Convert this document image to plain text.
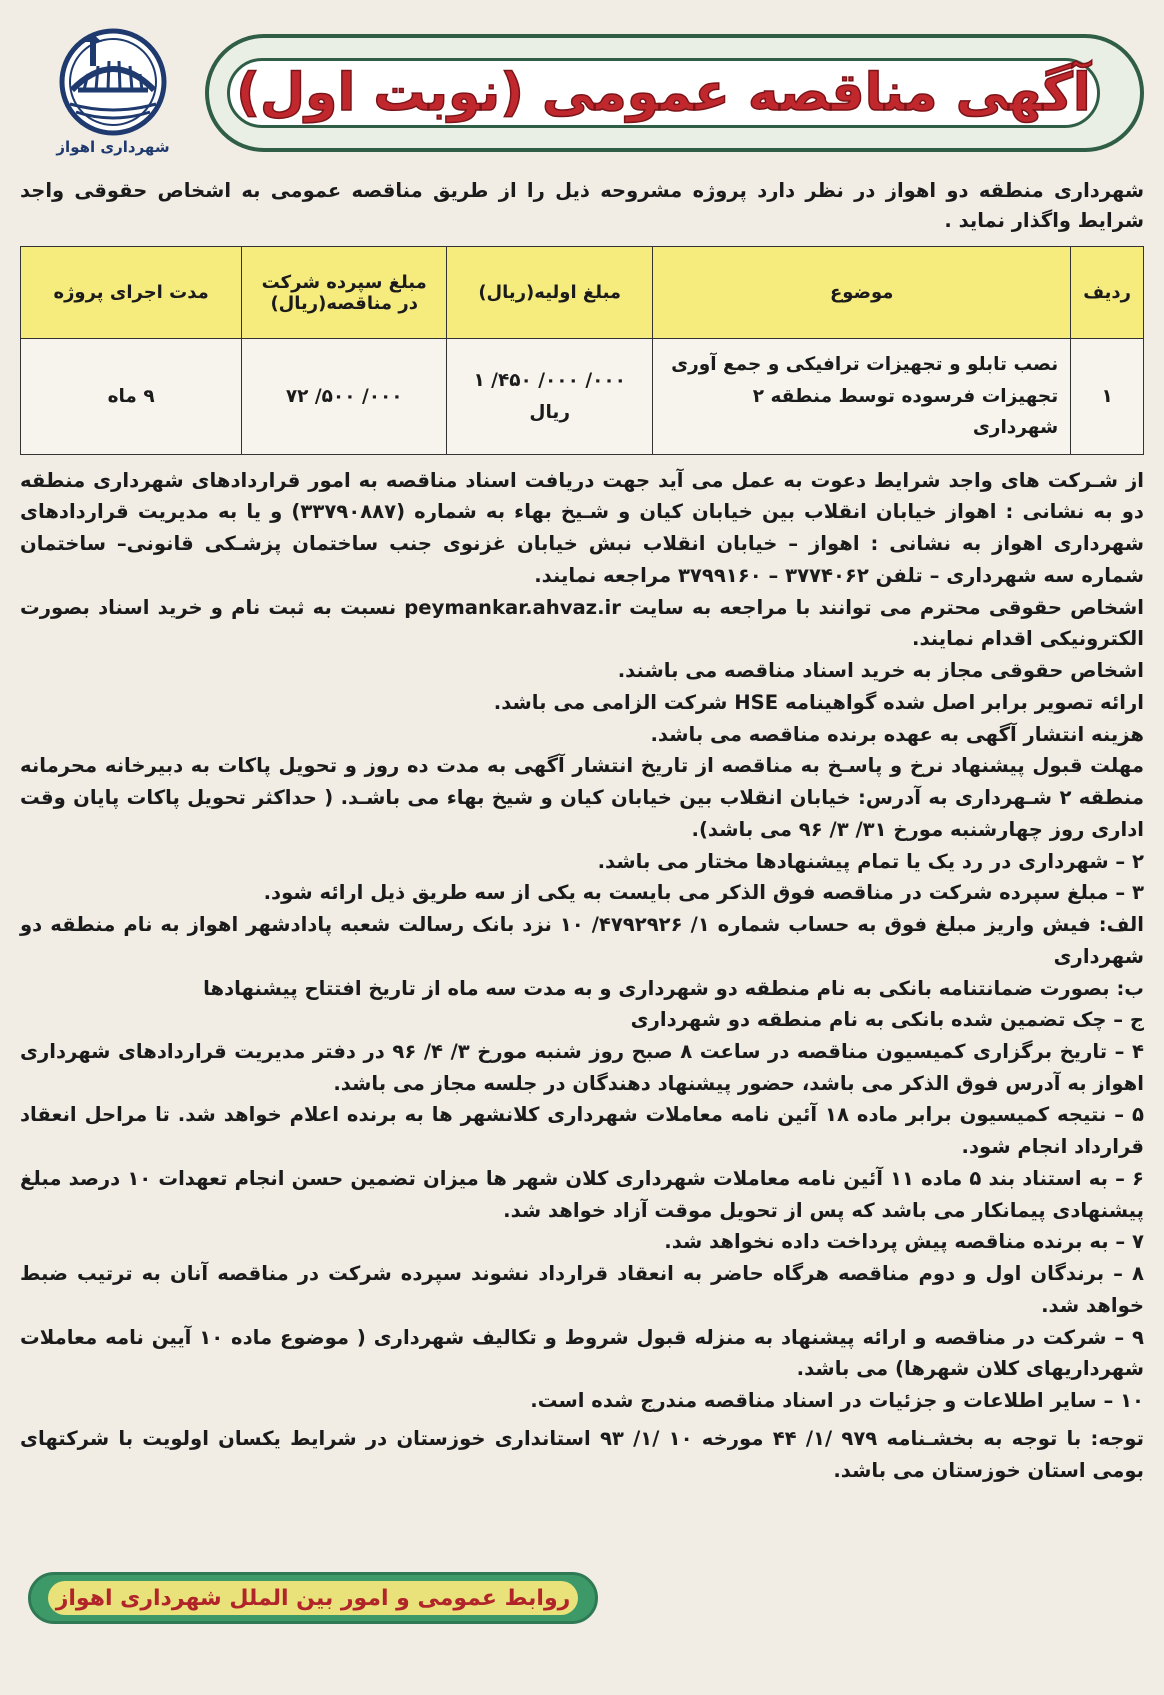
شهرداری اهواز
آگهی مناقصه عمومی (نوبت اول)

شهرداری منطقه دو اهواز در نظر دارد پروژه مشروحه ذیل را از طریق مناقصه عمومی به اشخاص حقوقی واجد شرایط واگذار نماید .

ردیف	موضوع	مبلغ اولیه(ریال)	مبلغ سپرده شرکت در مناقصه(ریال)	مدت اجرای پروژه
۱	نصب تابلو و تجهیزات ترافیکی و جمع آوری تجهیزات فرسوده توسط منطقه ۲ شهرداری	۰۰۰/ ۰۰۰/ ۴۵۰/ ۱ ریال	۰۰۰/ ۵۰۰/ ۷۲	۹ ماه

از شـرکت های واجد شرایط دعوت به عمل می آید جهت دریافت اسناد مناقصه به امور قراردادهای شهرداری منطقه دو به نشانی : اهواز خیابان انقلاب بین خیابان کیان و شـیخ بهاء به شماره (۳۳۷۹۰۸۸۷) و یا به مدیریت قراردادهای شهرداری اهواز به نشانی : اهواز – خیابان انقلاب نبش خیابان غزنوی جنب ساختمان پزشـکی قانونی– ساختمان شماره سه شهرداری – تلفن ۳۷۷۴۰۶۲ – ۳۷۹۹۱۶۰ مراجعه نمایند.

اشخاص حقوقی محترم می توانند با مراجعه به سایت peymankar.ahvaz.ir نسبت به ثبت نام و خرید اسناد بصورت الکترونیکی اقدام نمایند.

اشخاص حقوقی مجاز به خرید اسناد مناقصه می باشند.

ارائه تصویر برابر اصل شده گواهینامه HSE شرکت الزامی می باشد.

هزینه انتشار آگهی به عهده برنده مناقصه می باشد.

مهلت قبول پیشنهاد نرخ و پاسـخ به مناقصه از تاریخ انتشار آگهی به مدت ده روز و تحویل پاکات به دبیرخانه محرمانه منطقه ۲ شـهرداری به آدرس: خیابان انقلاب بین خیابان کیان و شیخ بهاء می باشـد. ( حداکثر تحویل پاکات پایان وقت اداری روز چهارشنبه مورخ ۳۱/ ۳/ ۹۶ می باشد).

۲ – شهرداری در رد یک یا تمام پیشنهادها مختار می باشد.

۳ – مبلغ سپرده شرکت در مناقصه فوق الذکر می بایست به یکی از سه طریق ذیل ارائه شود.

الف: فیش واریز مبلغ فوق به حساب شماره ۱/ ۴۷۹۲۹۲۶/ ۱۰ نزد بانک رسالت شعبه پادادشهر اهواز به نام منطقه دو شهرداری

ب: بصورت ضمانتنامه بانکی به نام منطقه دو شهرداری و به مدت سه ماه از تاریخ افتتاح پیشنهادها

ج – چک تضمین شده بانکی به نام منطقه دو شهرداری

۴ – تاریخ برگزاری کمیسیون مناقصه در ساعت ۸ صبح روز شنبه مورخ ۳/ ۴/ ۹۶ در دفتر مدیریت قراردادهای شهرداری اهواز به آدرس فوق الذکر می باشد، حضور پیشنهاد دهندگان در جلسه مجاز می باشد.

۵ – نتیجه کمیسیون برابر ماده ۱۸ آئین نامه معاملات شهرداری کلانشهر ها به برنده اعلام خواهد شد. تا مراحل انعقاد قرارداد انجام شود.

۶ – به استناد بند ۵ ماده ۱۱ آئین نامه معاملات شهرداری کلان شهر ها میزان تضمین حسن انجام تعهدات ۱۰ درصد مبلغ پیشنهادی پیمانکار می باشد که پس از تحویل موقت آزاد خواهد شد.

۷ – به برنده مناقصه پیش پرداخت داده نخواهد شد.

۸ – برندگان اول و دوم مناقصه هرگاه حاضر به انعقاد قرارداد نشوند سپرده شرکت در مناقصه آنان به ترتیب ضبط خواهد شد.

۹ – شرکت در مناقصه و ارائه پیشنهاد به منزله قبول شروط و تکالیف شهرداری ( موضوع ماده ۱۰ آیین نامه معاملات شهرداریهای کلان شهرها) می باشد.

۱۰ – سایر اطلاعات و جزئیات در اسناد مناقصه مندرج شده است.

توجه: با توجه به بخشـنامه ۹۷۹ /۱/ ۴۴ مورخه ۱۰ /۱/ ۹۳ استانداری خوزستان در شرایط یکسان اولویت با شرکتهای بومی استان خوزستان می باشد.

روابط عمومی و امور بین الملل شهرداری اهواز
